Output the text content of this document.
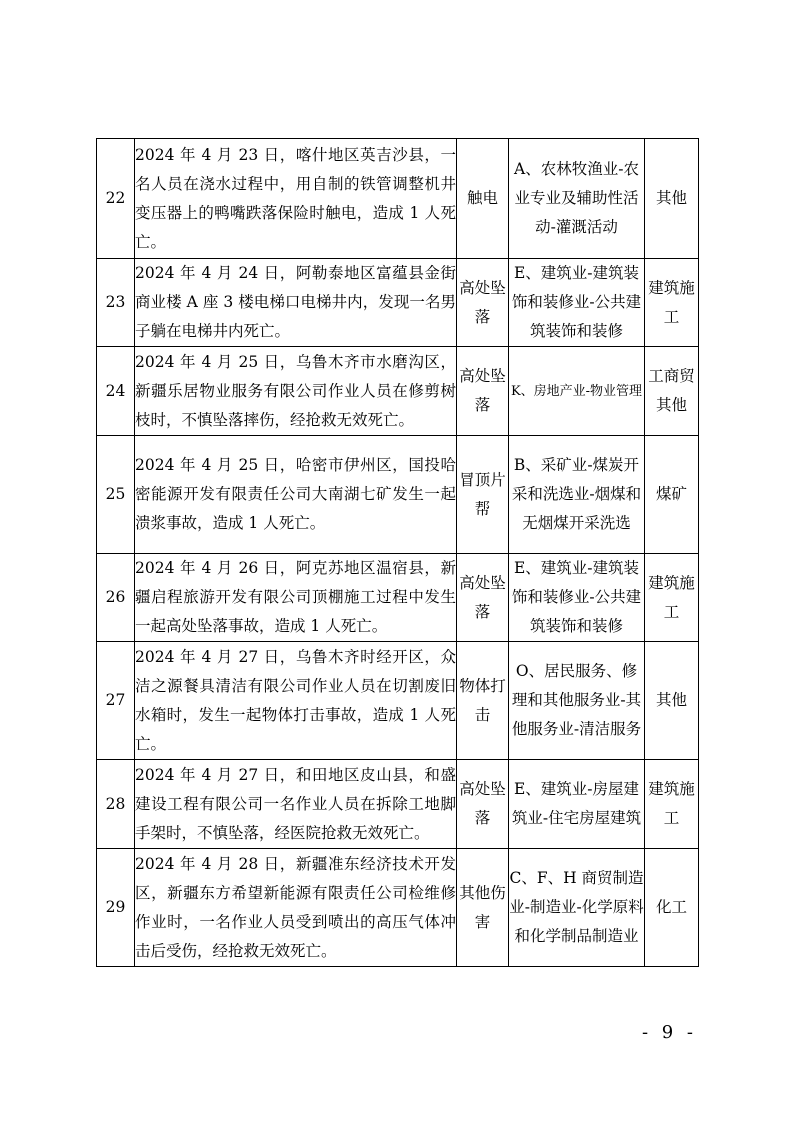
22	2024 年 4 月 23 日，喀什地区英吉沙县，一名人员在浇水过程中，用自制的铁管调整机井变压器上的鸭嘴跌落保险时触电，造成 1 人死亡。	触电	A、农林牧渔业-农业专业及辅助性活动-灌溉活动	其他
23	2024 年 4 月 24 日，阿勒泰地区富蕴县金街商业楼 A 座 3 楼电梯口电梯井内，发现一名男子躺在电梯井内死亡。	高处坠落	E、建筑业-建筑装饰和装修业-公共建筑装饰和装修	建筑施工
24	2024 年 4 月 25 日，乌鲁木齐市水磨沟区，新疆乐居物业服务有限公司作业人员在修剪树枝时，不慎坠落摔伤，经抢救无效死亡。	高处坠落	K、房地产业-物业管理	工商贸其他
25	2024 年 4 月 25 日，哈密市伊州区，国投哈密能源开发有限责任公司大南湖七矿发生一起溃浆事故，造成 1 人死亡。	冒顶片帮	B、采矿业-煤炭开采和洗选业-烟煤和无烟煤开采洗选	煤矿
26	2024 年 4 月 26 日，阿克苏地区温宿县，新疆启程旅游开发有限公司顶棚施工过程中发生一起高处坠落事故，造成 1 人死亡。	高处坠落	E、建筑业-建筑装饰和装修业-公共建筑装饰和装修	建筑施工
27	2024 年 4 月 27 日，乌鲁木齐时经开区，众洁之源餐具清洁有限公司作业人员在切割废旧水箱时，发生一起物体打击事故，造成 1 人死亡。	物体打击	O、居民服务、修理和其他服务业-其他服务业-清洁服务	其他
28	2024 年 4 月 27 日，和田地区皮山县，和盛建设工程有限公司一名作业人员在拆除工地脚手架时，不慎坠落，经医院抢救无效死亡。	高处坠落	E、建筑业-房屋建筑业-住宅房屋建筑	建筑施工
29	2024 年 4 月 28 日，新疆准东经济技术开发区，新疆东方希望新能源有限责任公司检维修作业时，一名作业人员受到喷出的高压气体冲击后受伤，经抢救无效死亡。	其他伤害	C、F、H 商贸制造业-制造业-化学原料和化学制品制造业	化工
- 9 -
